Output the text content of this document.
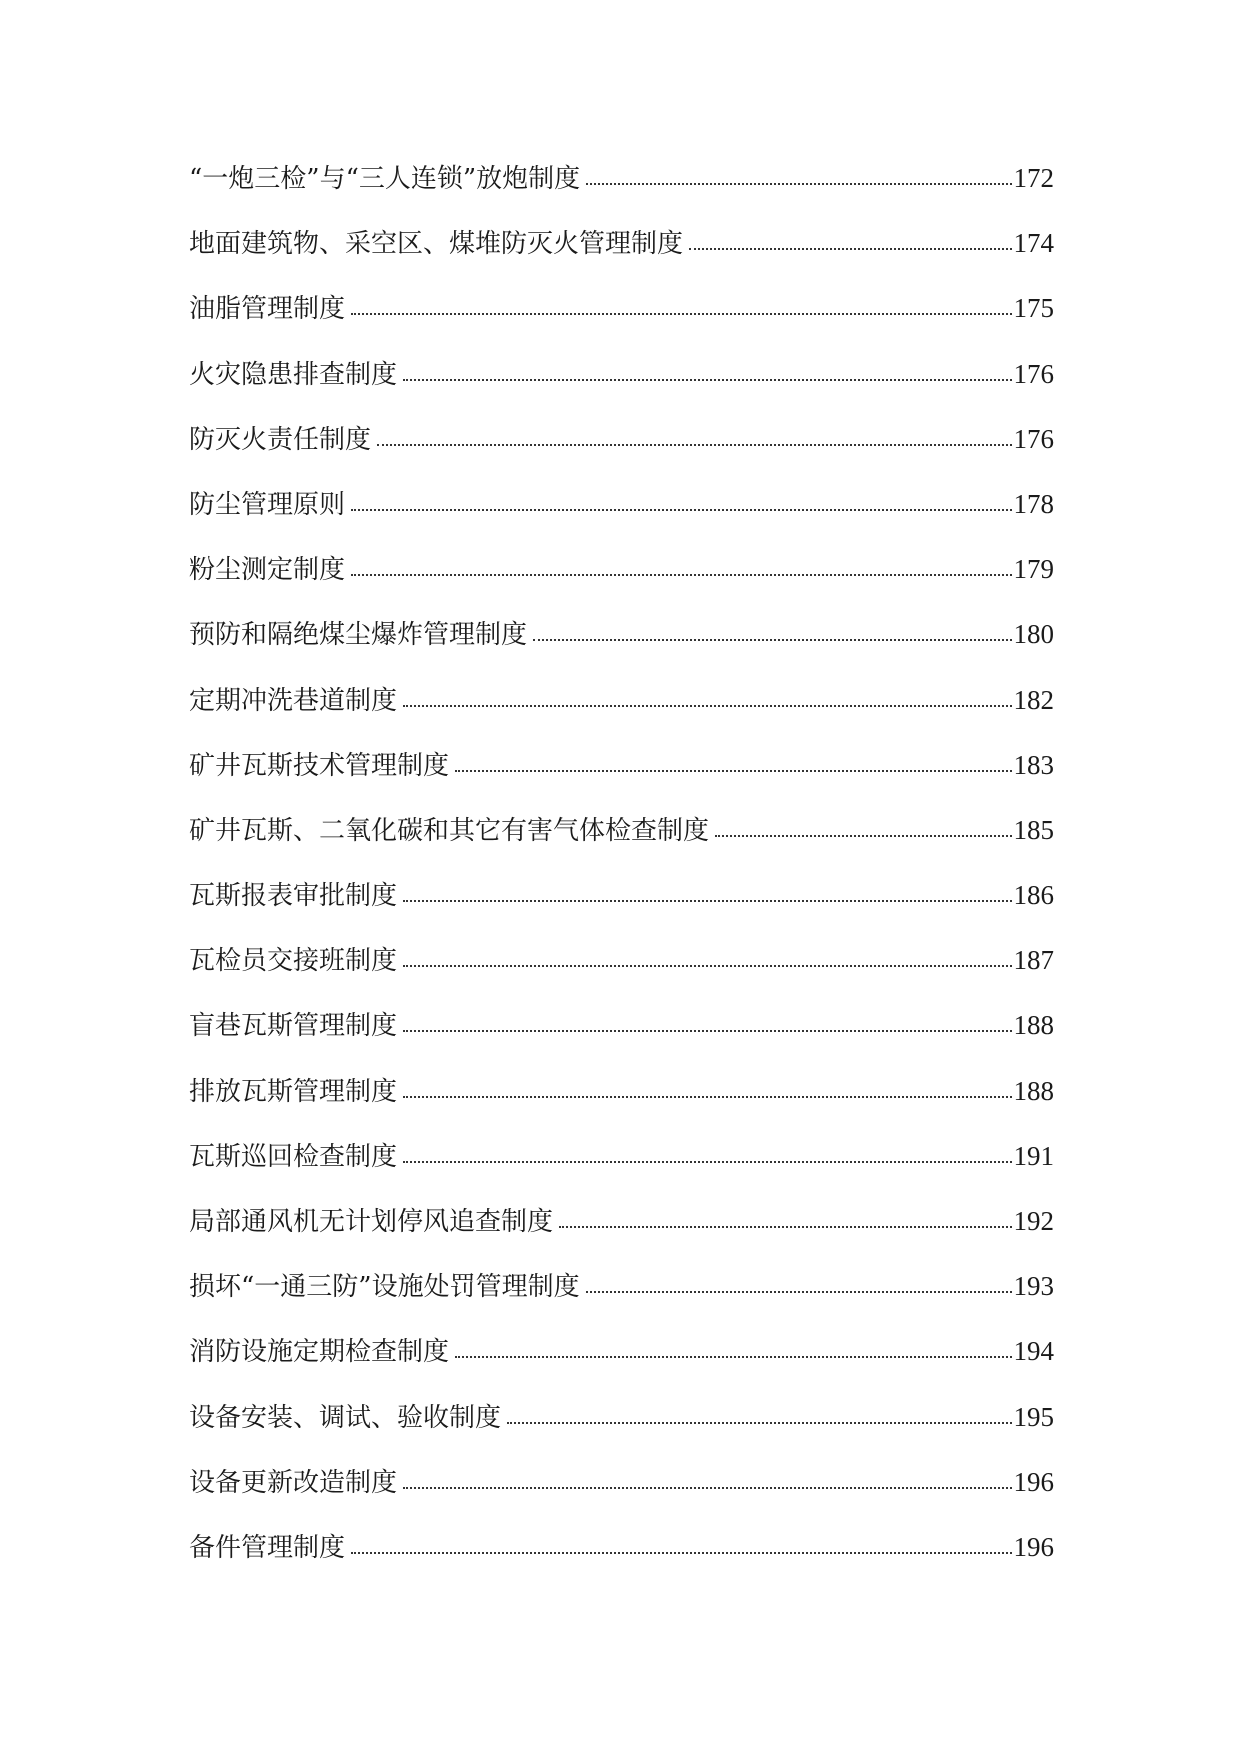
“一炮三检”与“三人连锁”放炮制度	172
地面建筑物、采空区、煤堆防灭火管理制度	174
油脂管理制度	175
火灾隐患排查制度	176
防灭火责任制度	176
防尘管理原则	178
粉尘测定制度	179
预防和隔绝煤尘爆炸管理制度	180
定期冲洗巷道制度	182
矿井瓦斯技术管理制度	183
矿井瓦斯、二氧化碳和其它有害气体检查制度	185
瓦斯报表审批制度	186
瓦检员交接班制度	187
盲巷瓦斯管理制度	188
排放瓦斯管理制度	188
瓦斯巡回检查制度	191
局部通风机无计划停风追查制度	192
损坏“一通三防”设施处罚管理制度	193
消防设施定期检查制度	194
设备安装、调试、验收制度	195
设备更新改造制度	196
备件管理制度	196
